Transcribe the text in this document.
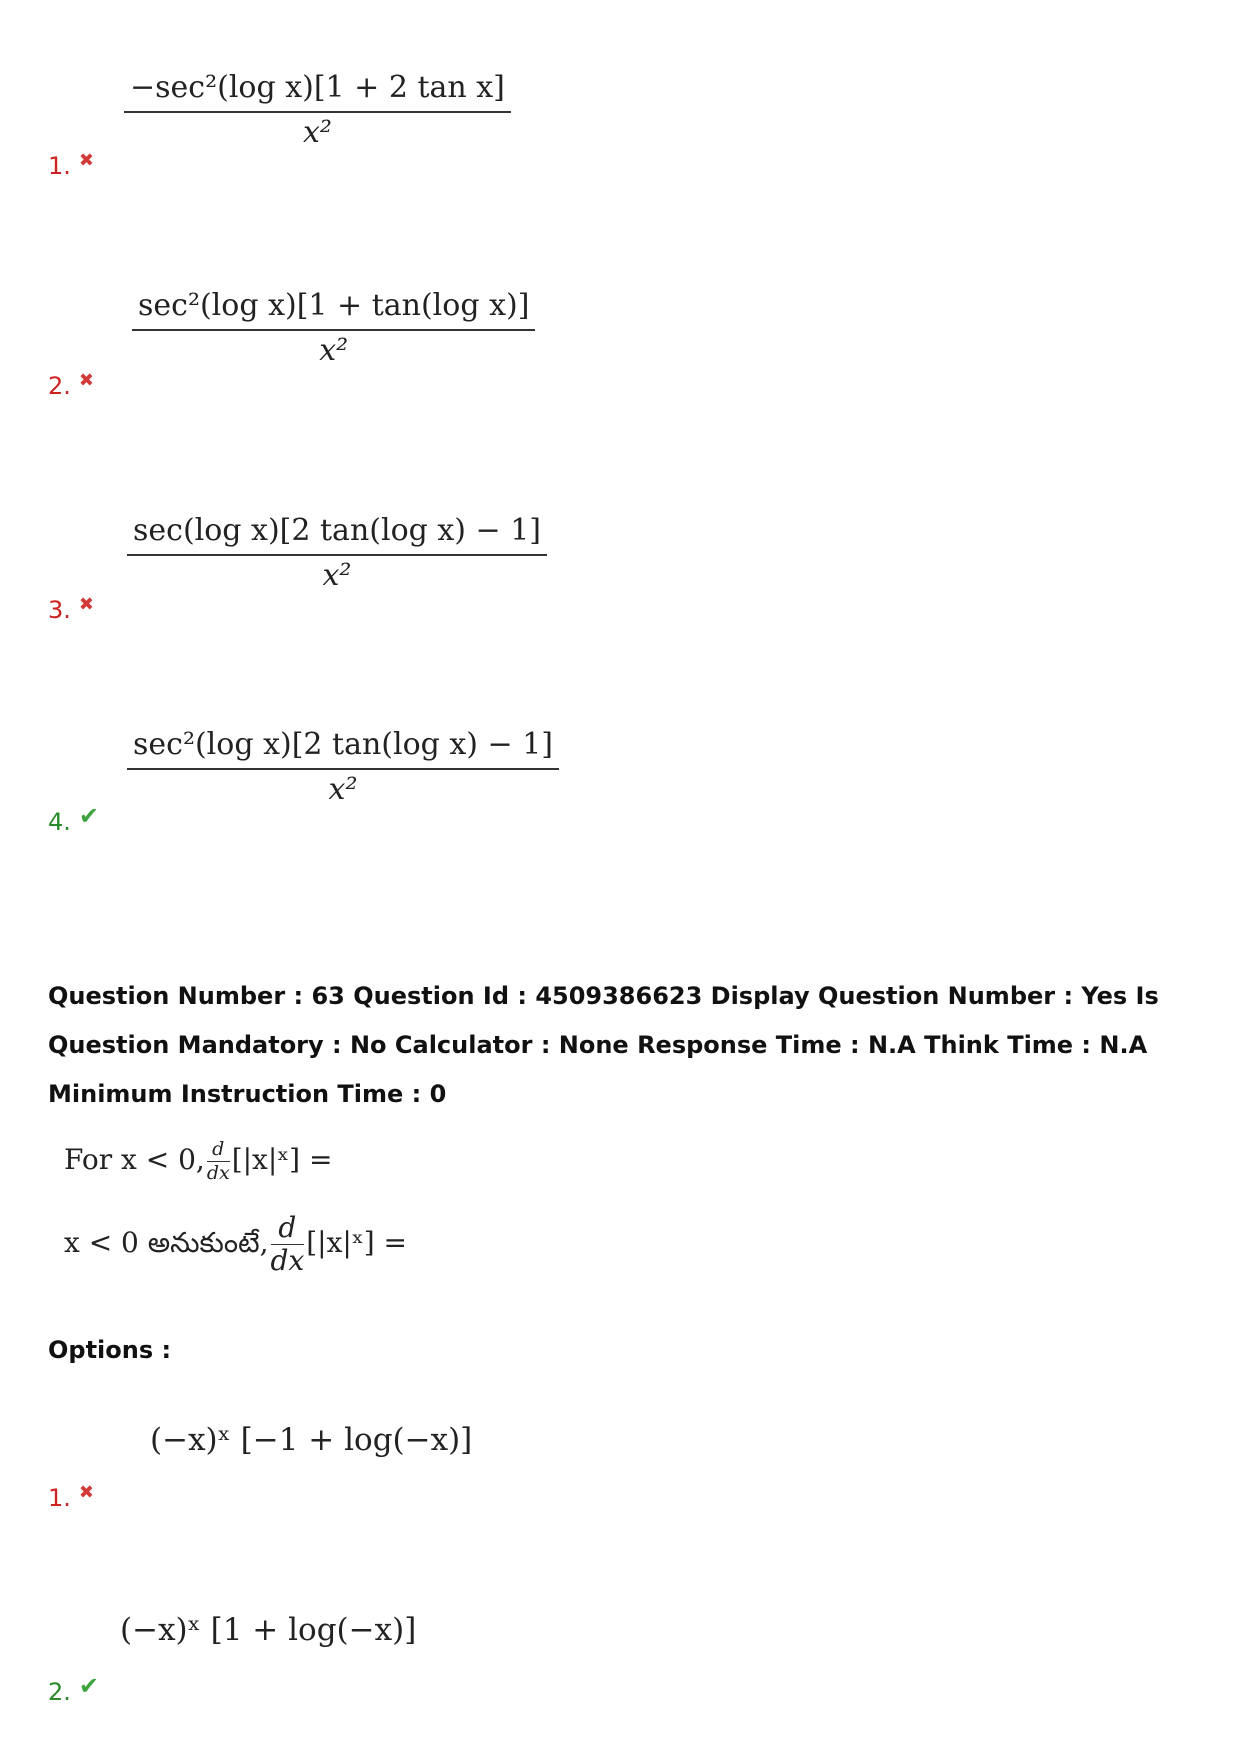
−sec²(log x)[1 + 2 tan x]
x²
1. ✖
sec²(log x)[1 + tan(log x)]
x²
2. ✖
sec(log x)[2 tan(log x) − 1]
x²
3. ✖
sec²(log x)[2 tan(log x) − 1]
x²
4. ✔
Question Number : 63 Question Id : 4509386623 Display Question Number : Yes Is Question Mandatory : No Calculator : None Response Time : N.A Think Time : N.A Minimum Instruction Time : 0
For x < 0, $\frac{d}{dx}$ [|x|ˣ] =
x < 0 అనుకుంటే, $\frac{d}{dx}$ [|x|ˣ] =
Options :
(−x)ˣ [−1 + log(−x)]
1. ✖
(−x)ˣ [1 + log(−x)]
2. ✔
